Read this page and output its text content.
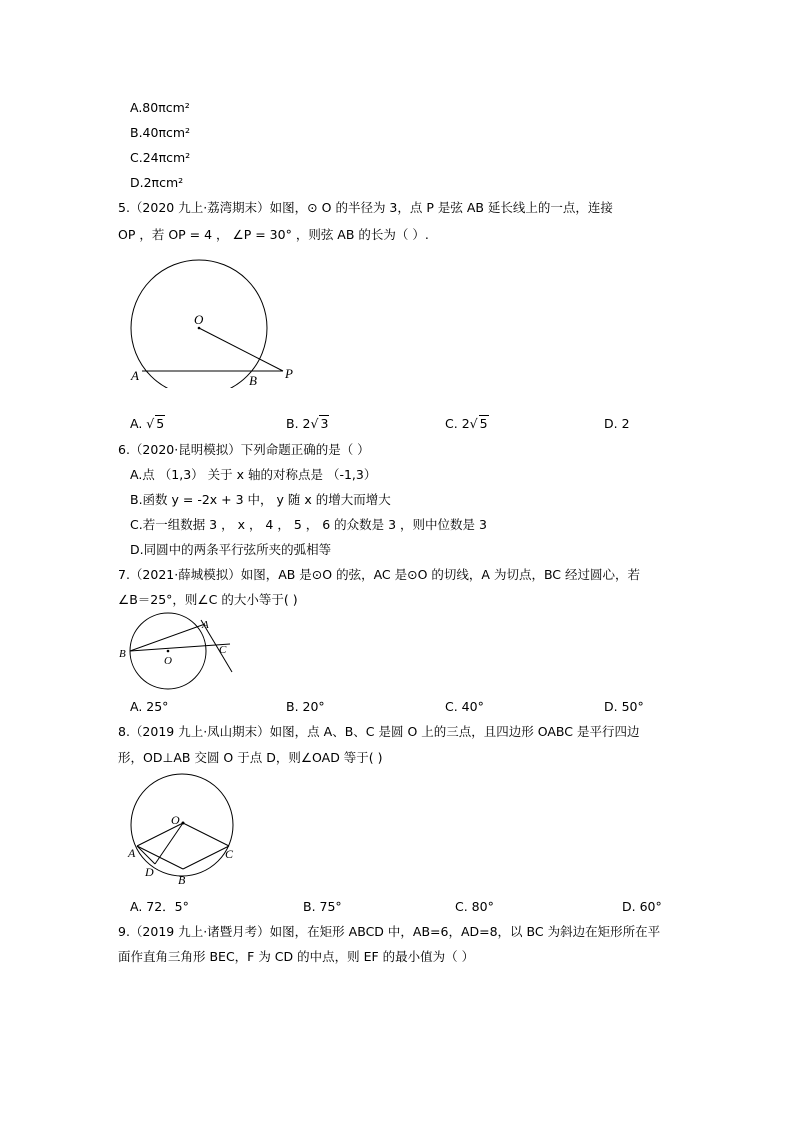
A.80πcm²
B.40πcm²
C.24πcm²
D.2πcm²
5.（2020 九上·荔湾期末）如图，⊙ O 的半径为 3，点 P 是弦 AB 延长线上的一点，连接
OP ，若 OP = 4 ， ∠P = 30° ，则弦 AB 的长为（ ）.
O
A	B P
A. √ 5	B. 2√ 3	C. 2√ 5	D. 2
6.（2020·昆明模拟）下列命题正确的是（ ）
A.点 （1,3） 关于 x 轴的对称点是 （-1,3）
B.函数 y = -2x + 3 中， y 随 x 的增大而增大
C.若一组数据 3 ， x ， 4 ， 5 ， 6 的众数是 3 ，则中位数是 3
D.同圆中的两条平行弦所夹的弧相等
7.（2021·薛城模拟）如图，AB 是⊙O 的弦，AC 是⊙O 的切线，A 为切点，BC 经过圆心，若
∠B＝25°，则∠C 的大小等于( )
A
B
O
C
A. 25°	B. 20°	C. 40°	D. 50°
8.（2019 九上·凤山期末）如图，点 A、B、C 是圆 O 上的三点，且四边形 OABC 是平行四边
形，OD⊥AB 交圆 O 于点 D，则∠OAD 等于( )
O
A	C
D
B
A. 72．5°	B. 75°	C. 80°	D. 60°
9.（2019 九上·诸暨月考）如图，在矩形 ABCD 中，AB=6，AD=8，以 BC 为斜边在矩形所在平
面作直角三角形 BEC，F 为 CD 的中点，则 EF 的最小值为（ ）
